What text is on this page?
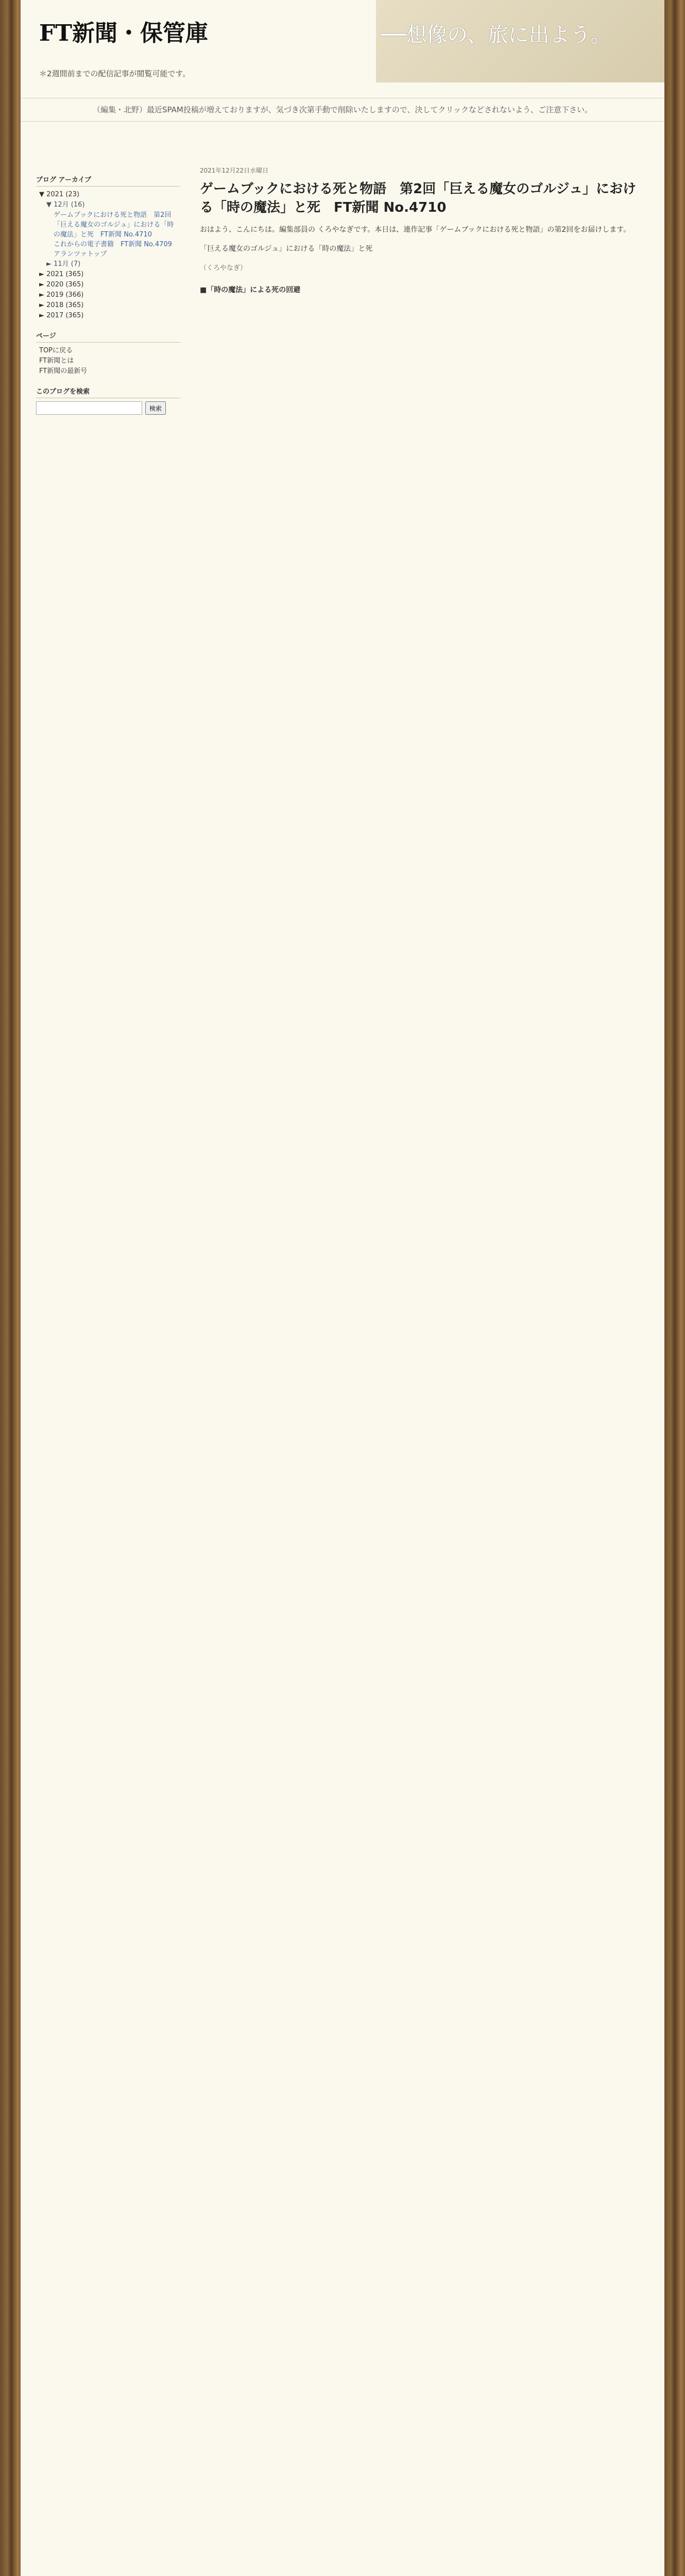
FT新聞・保管庫	──想像の、旅に出よう。
＊2週間前までの配信記事が閲覧可能です。
（編集・北野）最近SPAM投稿が増えておりますが、気づき次第手動で削除いたしますので、決してクリックなどされないよう、ご注意下さい。
ブログ アーカイブ
▼ 2021 (23)
▼ 12月 (16)
ゲームブックにおける死と物語　第2回「巨える魔女のゴルジュ」における「時の魔法」と死　FT新聞 No.4710
これからの電子書籍　FT新聞 No.4709
アランツァトップ
► 11月 (7)
► 2021 (365)
► 2020 (365)
► 2019 (366)
► 2018 (365)
► 2017 (365)
ページ
TOPに戻る
FT新聞とは
FT新聞の最新号
このブログを検索
検索
2021年12月22日水曜日
ゲームブックにおける死と物語　第2回「巨える魔女のゴルジュ」における「時の魔法」と死　FT新聞 No.4710

おはよう、こんにちは。編集部員の くろやなぎです。本日は、連作記事「ゲームブックにおける死と物語」の第2回をお届けします。

「巨える魔女のゴルジュ」における「時の魔法」と死

（くろやなぎ）

■「時の魔法」による死の回避
